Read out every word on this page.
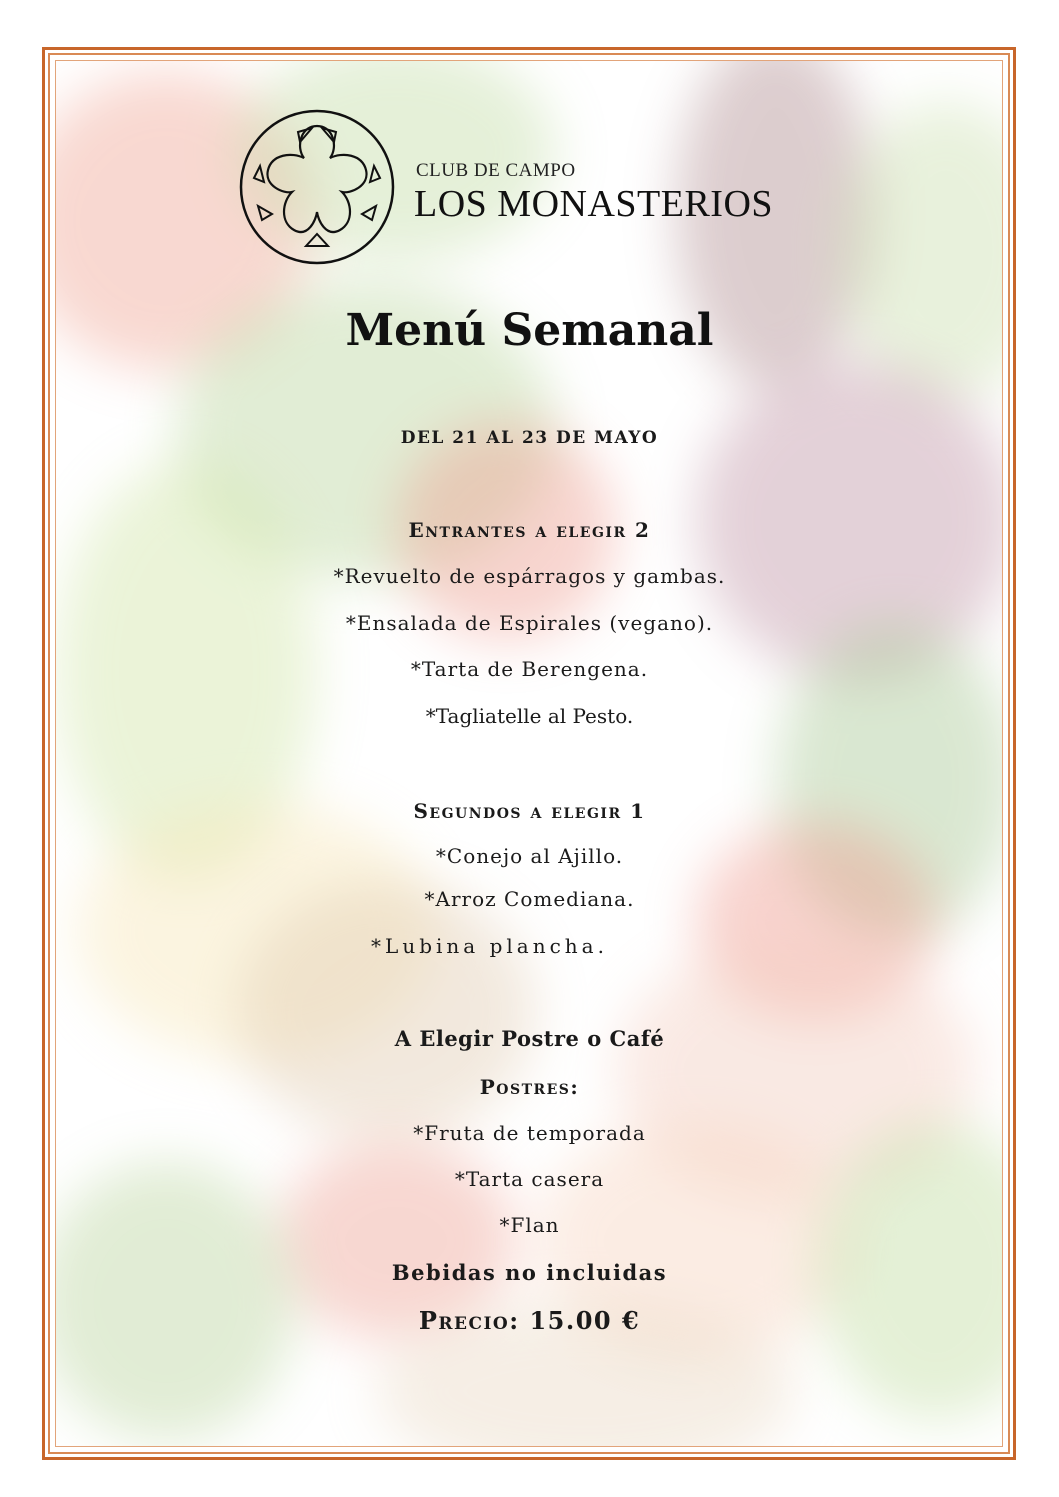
CLUB DE CAMPO
LOS MONASTERIOS
Menú Semanal
DEL 21 AL 23 DE MAYO
Entrantes a elegir 2
*Revuelto de espárragos y gambas.
*Ensalada de Espirales (vegano).
*Tarta de Berengena.
*Tagliatelle al Pesto.
Segundos a elegir 1
*Conejo al Ajillo.
*Arroz Comediana.
*Lubina plancha.
A Elegir Postre o Café
Postres:
*Fruta de temporada
*Tarta casera
*Flan
Bebidas no incluidas
Precio: 15.00 €
